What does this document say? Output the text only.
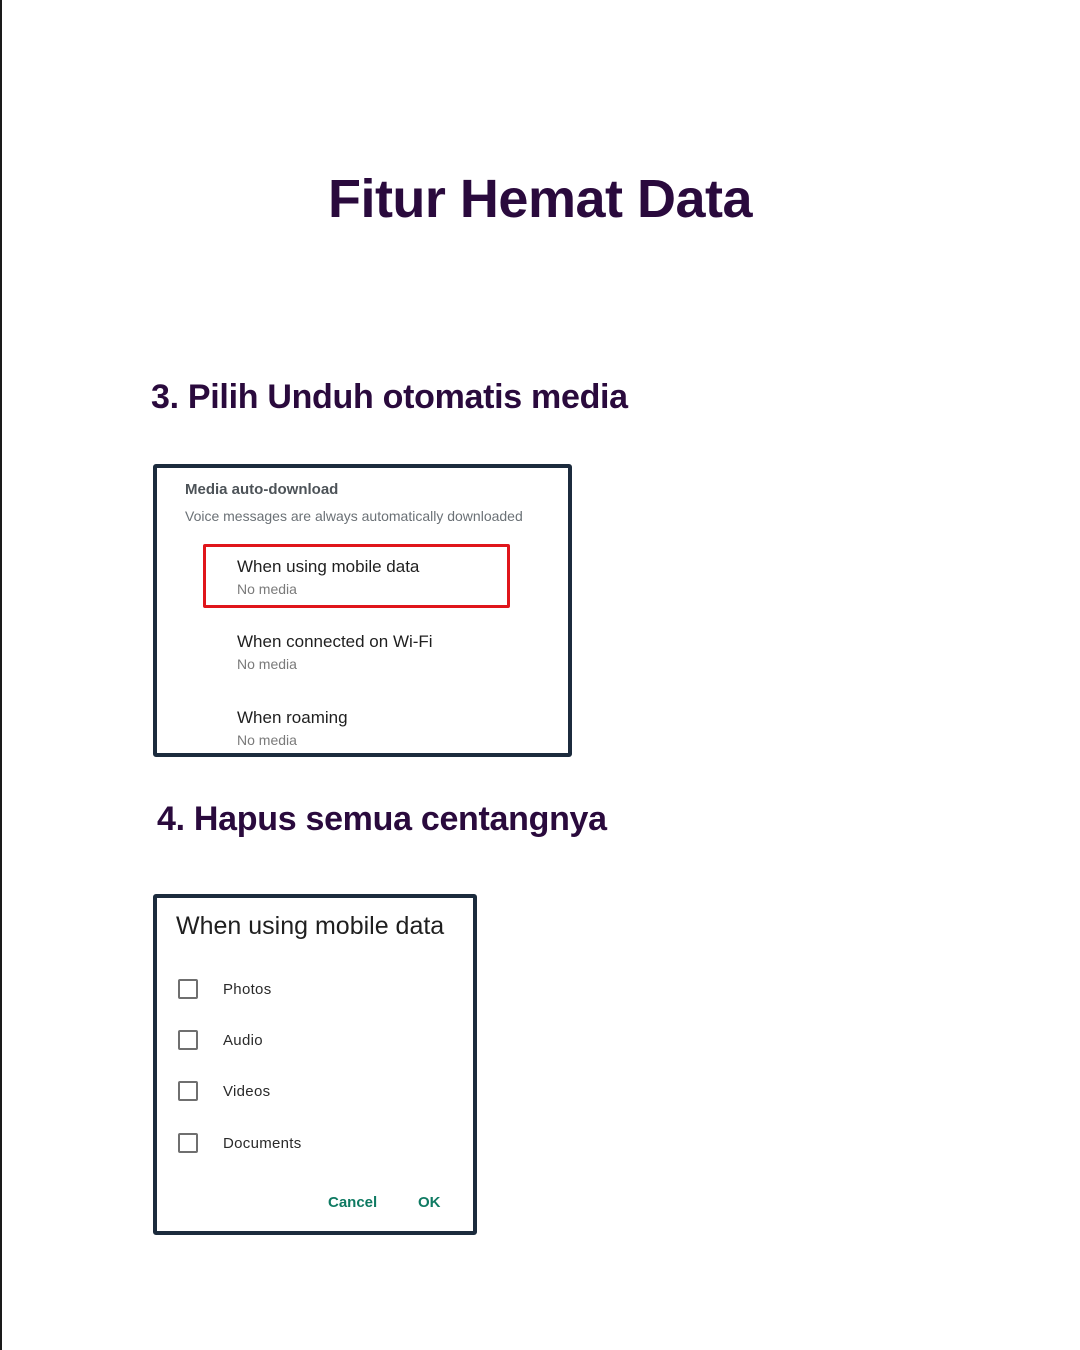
Fitur Hemat Data
3. Pilih Unduh otomatis media
Media auto-download
Voice messages are always automatically downloaded
When using mobile data
No media
When connected on Wi-Fi
No media
When roaming
No media
4. Hapus semua centangnya
When using mobile data
Photos
Audio
Videos
Documents
Cancel	OK
